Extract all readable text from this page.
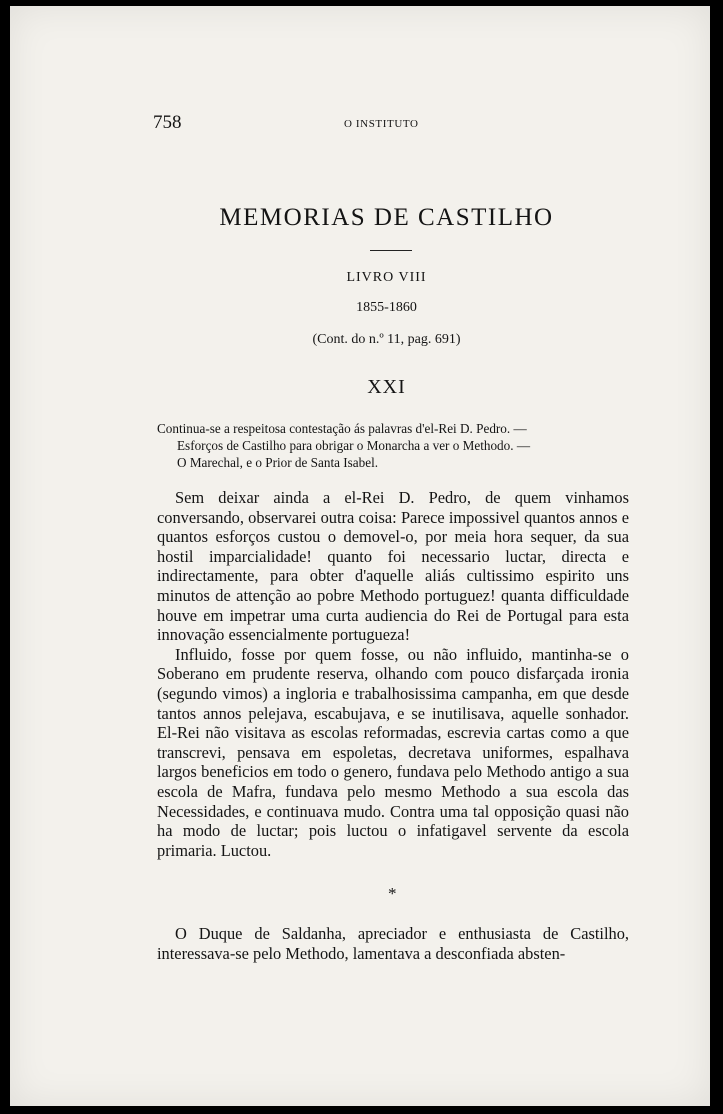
758	O INSTITUTO
MEMORIAS DE CASTILHO
LIVRO VIII
1855-1860
(Cont. do n.º 11, pag. 691)
XXI
Continua-se a respeitosa contestação ás palavras d'el-Rei D. Pedro. —
Esforços de Castilho para obrigar o Monarcha a ver o Methodo. —
O Marechal, e o Prior de Santa Isabel.

Sem deixar ainda a el-Rei D. Pedro, de quem vinhamos conversando, observarei outra coisa: Parece impossivel quantos annos e quantos esforços custou o demovel-o, por meia hora sequer, da sua hostil imparcialidade! quanto foi necessario luctar, directa e indirectamente, para obter d'aquelle aliás cultissimo espirito uns minutos de attenção ao pobre Methodo portuguez! quanta difficuldade houve em impetrar uma curta audiencia do Rei de Portugal para esta innovação essencialmente portugueza!

Influido, fosse por quem fosse, ou não influido, mantinha-se o Soberano em prudente reserva, olhando com pouco disfarçada ironia (segundo vimos) a ingloria e trabalhosissima campanha, em que desde tantos annos pelejava, escabujava, e se inutilisava, aquelle sonhador. El-Rei não visitava as escolas reformadas, escrevia cartas como a que transcrevi, pensava em espoletas, decretava uniformes, espalhava largos beneficios em todo o genero, fundava pelo Methodo antigo a sua escola de Mafra, fundava pelo mesmo Methodo a sua escola das Necessidades, e continuava mudo. Contra uma tal opposição quasi não ha modo de luctar; pois luctou o infatigavel servente da escola primaria. Luctou.

*

O Duque de Saldanha, apreciador e enthusiasta de Castilho, interessava-se pelo Methodo, lamentava a desconfiada absten-
